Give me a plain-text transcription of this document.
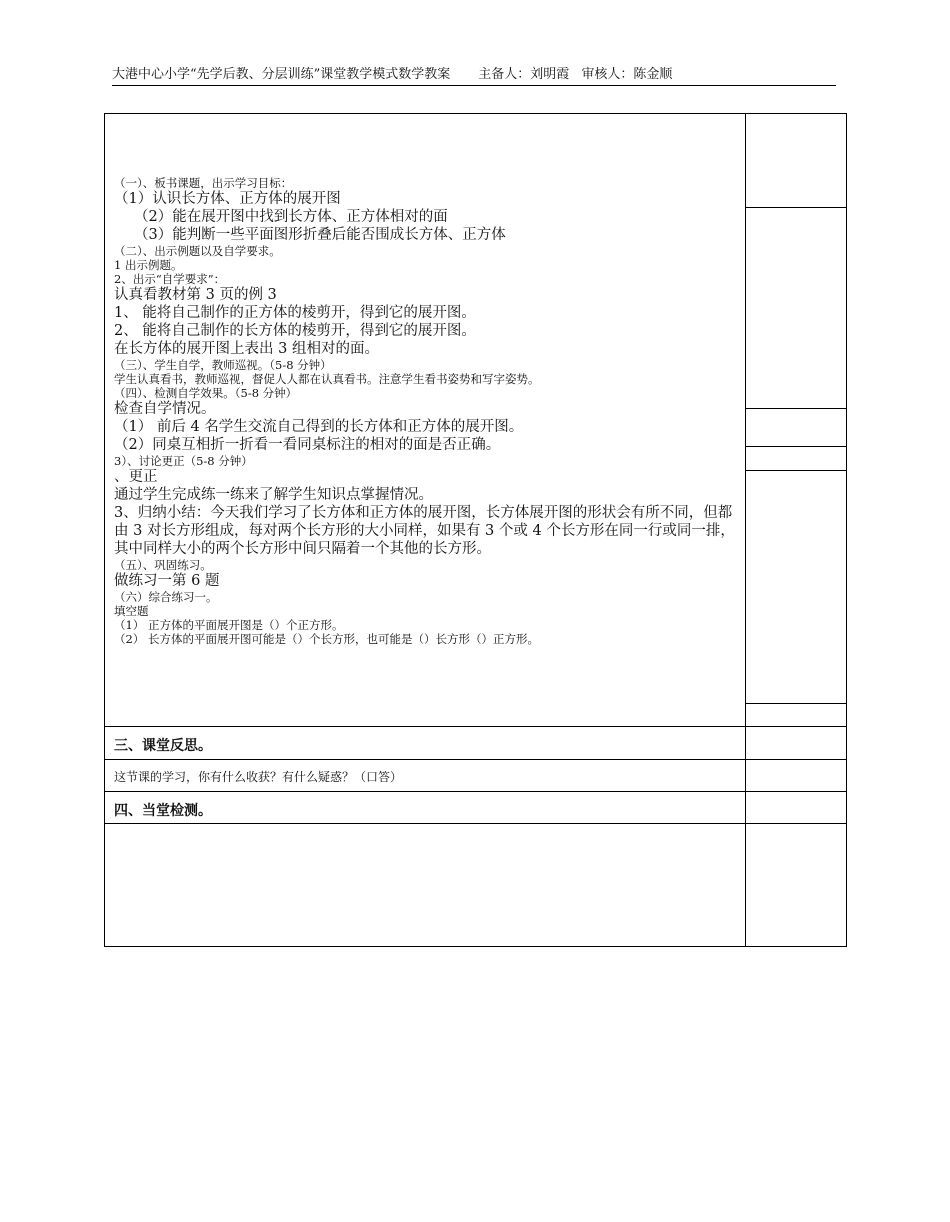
大港中心小学“先学后教、分层训练”课堂教学模式数学教案 主备人：刘明霞 审核人：陈金顺
（一）、板书课题，出示学习目标：
（1）认识长方体、正方体的展开图
（2）能在展开图中找到长方体、正方体相对的面
（3）能判断一些平面图形折叠后能否围成长方体、正方体
（二）、出示例题以及自学要求。
1 出示例题。
2、出示“自学要求”：
认真看教材第 3 页的例 3
1、 能将自己制作的正方体的棱剪开，得到它的展开图。
2、 能将自己制作的长方体的棱剪开，得到它的展开图。
在长方体的展开图上表出 3 组相对的面。
（三）、学生自学，教师巡视。（5-8 分钟）
学生认真看书，教师巡视，督促人人都在认真看书。注意学生看书姿势和写字姿势。
（四）、检测自学效果。（5-8 分钟）
检查自学情况。
（1） 前后 4 名学生交流自己得到的长方体和正方体的展开图。
（2）同桌互相折一折看一看同桌标注的相对的面是否正确。
3）、讨论更正（5-8 分钟）
、更正
通过学生完成练一练来了解学生知识点掌握情况。
3、归纳小结：今天我们学习了长方体和正方体的展开图，长方体展开图的形状会有所不同，但都由 3 对长方形组成，每对两个长方形的大小同样，如果有 3 个或 4 个长方形在同一行或同一排，其中同样大小的两个长方形中间只隔着一个其他的长方形。
（五）、巩固练习。
做练习一第 6 题
（六）综合练习一。
填空题
（1） 正方体的平面展开图是（）个正方形。
（2） 长方体的平面展开图可能是（）个长方形，也可能是（）长方形（）正方形。
三、课堂反思。
这节课的学习，你有什么收获？有什么疑惑？（口答）
四、当堂检测。
